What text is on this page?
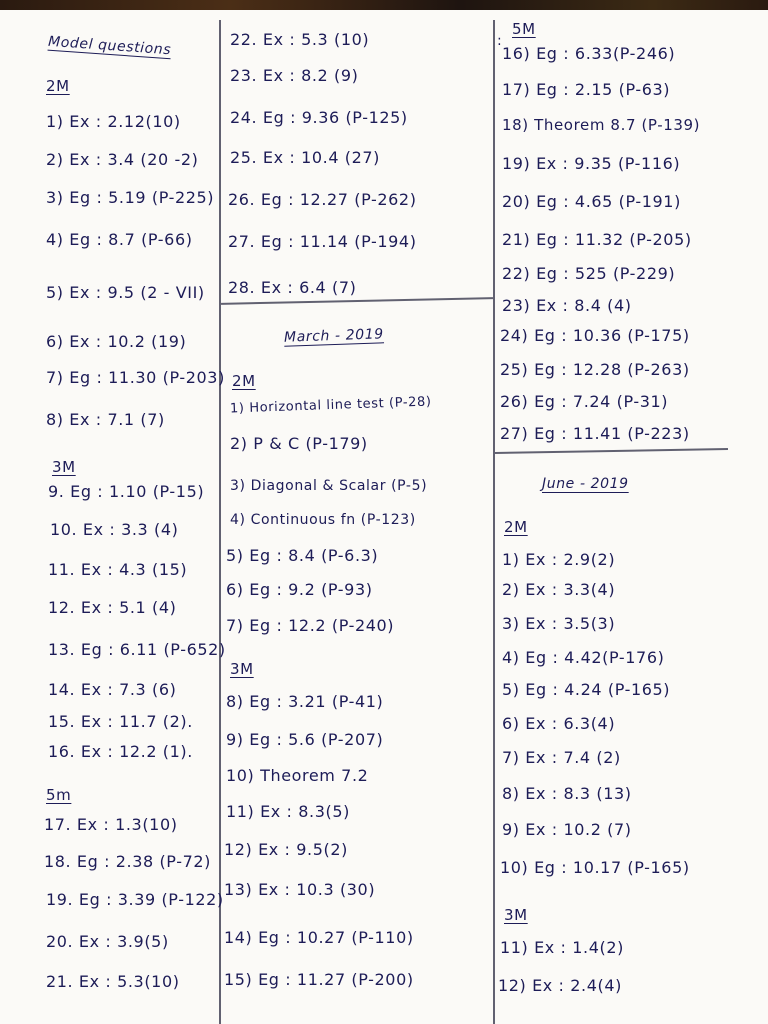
:
Model questions
2M
1) Ex : 2.12(10)
2) Ex : 3.4 (20 -2)
3) Eg : 5.19 (P-225)
4) Eg : 8.7 (P-66)
5) Ex : 9.5 (2 - VII)
6) Ex : 10.2 (19)
7) Eg : 11.30 (P-203)
8) Ex : 7.1 (7)
3M
9. Eg : 1.10 (P-15)
10. Ex : 3.3 (4)
11. Ex : 4.3 (15)
12. Ex : 5.1 (4)
13. Eg : 6.11 (P-652)
14. Ex : 7.3 (6)
15. Ex : 11.7 (2).
16. Ex : 12.2 (1).
5m
17. Ex : 1.3(10)
18. Eg : 2.38 (P-72)
19. Eg : 3.39 (P-122)
20. Ex : 3.9(5)
21. Ex : 5.3(10)
22. Ex : 5.3 (10)
23. Ex : 8.2 (9)
24. Eg : 9.36 (P-125)
25. Ex : 10.4 (27)
26. Eg : 12.27 (P-262)
27. Eg : 11.14 (P-194)
28. Ex : 6.4 (7)
March - 2019
2M
1) Horizontal line test (P-28)
2) P & C (P-179)
3) Diagonal & Scalar (P-5)
4) Continuous fn (P-123)
5) Eg : 8.4 (P-6.3)
6) Eg : 9.2 (P-93)
7) Eg : 12.2 (P-240)
3M
8) Eg : 3.21 (P-41)
9) Eg : 5.6 (P-207)
10) Theorem 7.2
11) Ex : 8.3(5)
12) Ex : 9.5(2)
13) Ex : 10.3 (30)
14) Eg : 10.27 (P-110)
15) Eg : 11.27 (P-200)
5M
16) Eg : 6.33(P-246)
17) Eg : 2.15 (P-63)
18) Theorem 8.7 (P-139)
19) Ex : 9.35 (P-116)
20) Eg : 4.65 (P-191)
21) Eg : 11.32 (P-205)
22) Eg : 525 (P-229)
23) Ex : 8.4 (4)
24) Eg : 10.36 (P-175)
25) Eg : 12.28 (P-263)
26) Eg : 7.24 (P-31)
27) Eg : 11.41 (P-223)
June - 2019
2M
1) Ex : 2.9(2)
2) Ex : 3.3(4)
3) Ex : 3.5(3)
4) Eg : 4.42(P-176)
5) Eg : 4.24 (P-165)
6) Ex : 6.3(4)
7) Ex : 7.4 (2)
8) Ex : 8.3 (13)
9) Ex : 10.2 (7)
10) Eg : 10.17 (P-165)
3M
11) Ex : 1.4(2)
12) Ex : 2.4(4)
